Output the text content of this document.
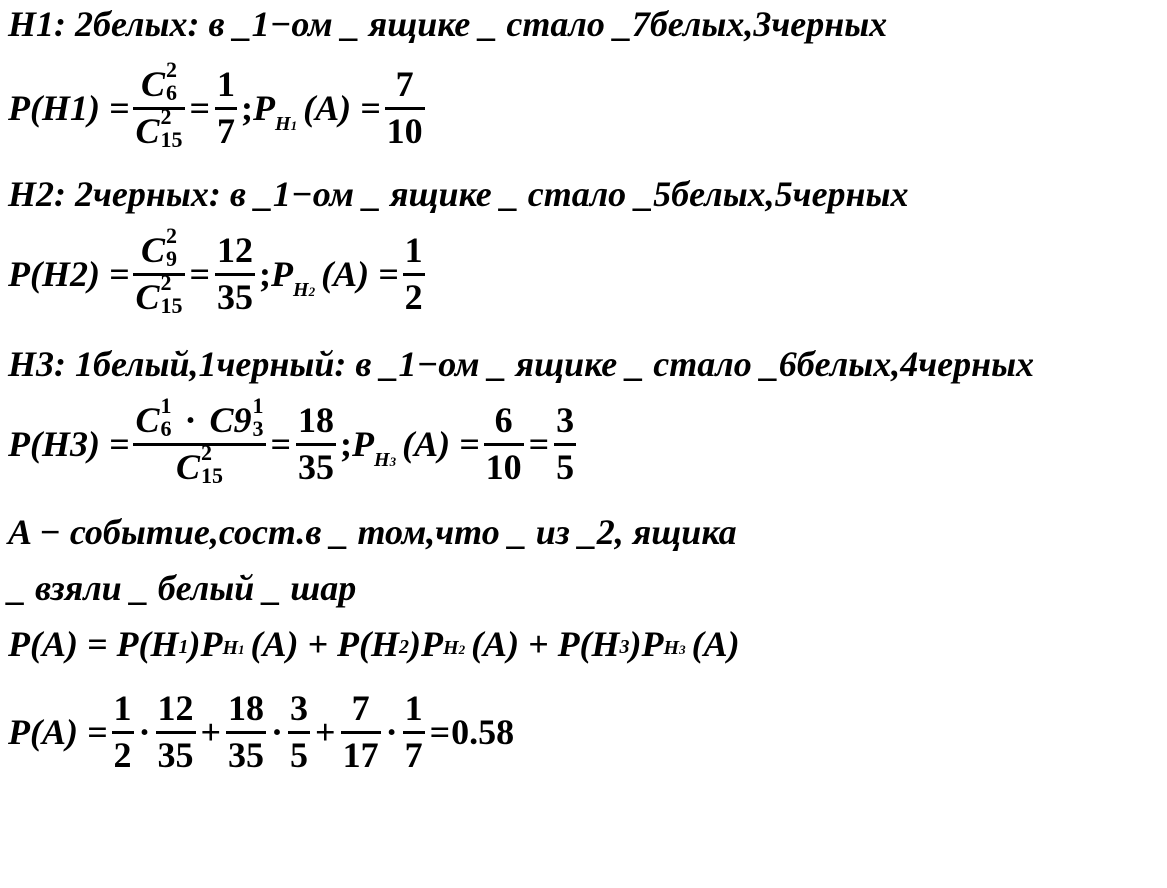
H1: 2белых: в _1−ом _ ящике _ стало _7белых,3черных
P(H1) = C 2
6
C 2
$15 = \frac{1}{7}$ ; P H1 $(A) = \frac{7}{10}$
H2: 2черных: в _1−ом _ ящике _ стало _5белых,5черных
P(H2) = C 2
9
C 2
$15 = \frac{12}{35}$ ; P H2 $(A) = \frac{1}{2}$
H3: 1белый,1черный: в _1−ом _ ящике _ стало _6белых,4черных
P(H3) = C 1
6 · C9 1
3
C 2
$15 = \frac{18}{35}$ ; P H3 $(A) = \frac{6}{10} = \frac{3}{5}$
A − событие,сост.в _ том,что _ из _2, ящика
_ взяли _ белый _ шар
P(A) = P(H 1 )P H1 (A) + P(H 2 )P H2 (A) + P(H 3 )P H3 (A)
$P(A) = \frac{1}{2} \cdot \frac{12}{35} + \frac{18}{35} \cdot \frac{3}{5} + \frac{7}{17} \cdot \frac{1}{7} = 0.58$
